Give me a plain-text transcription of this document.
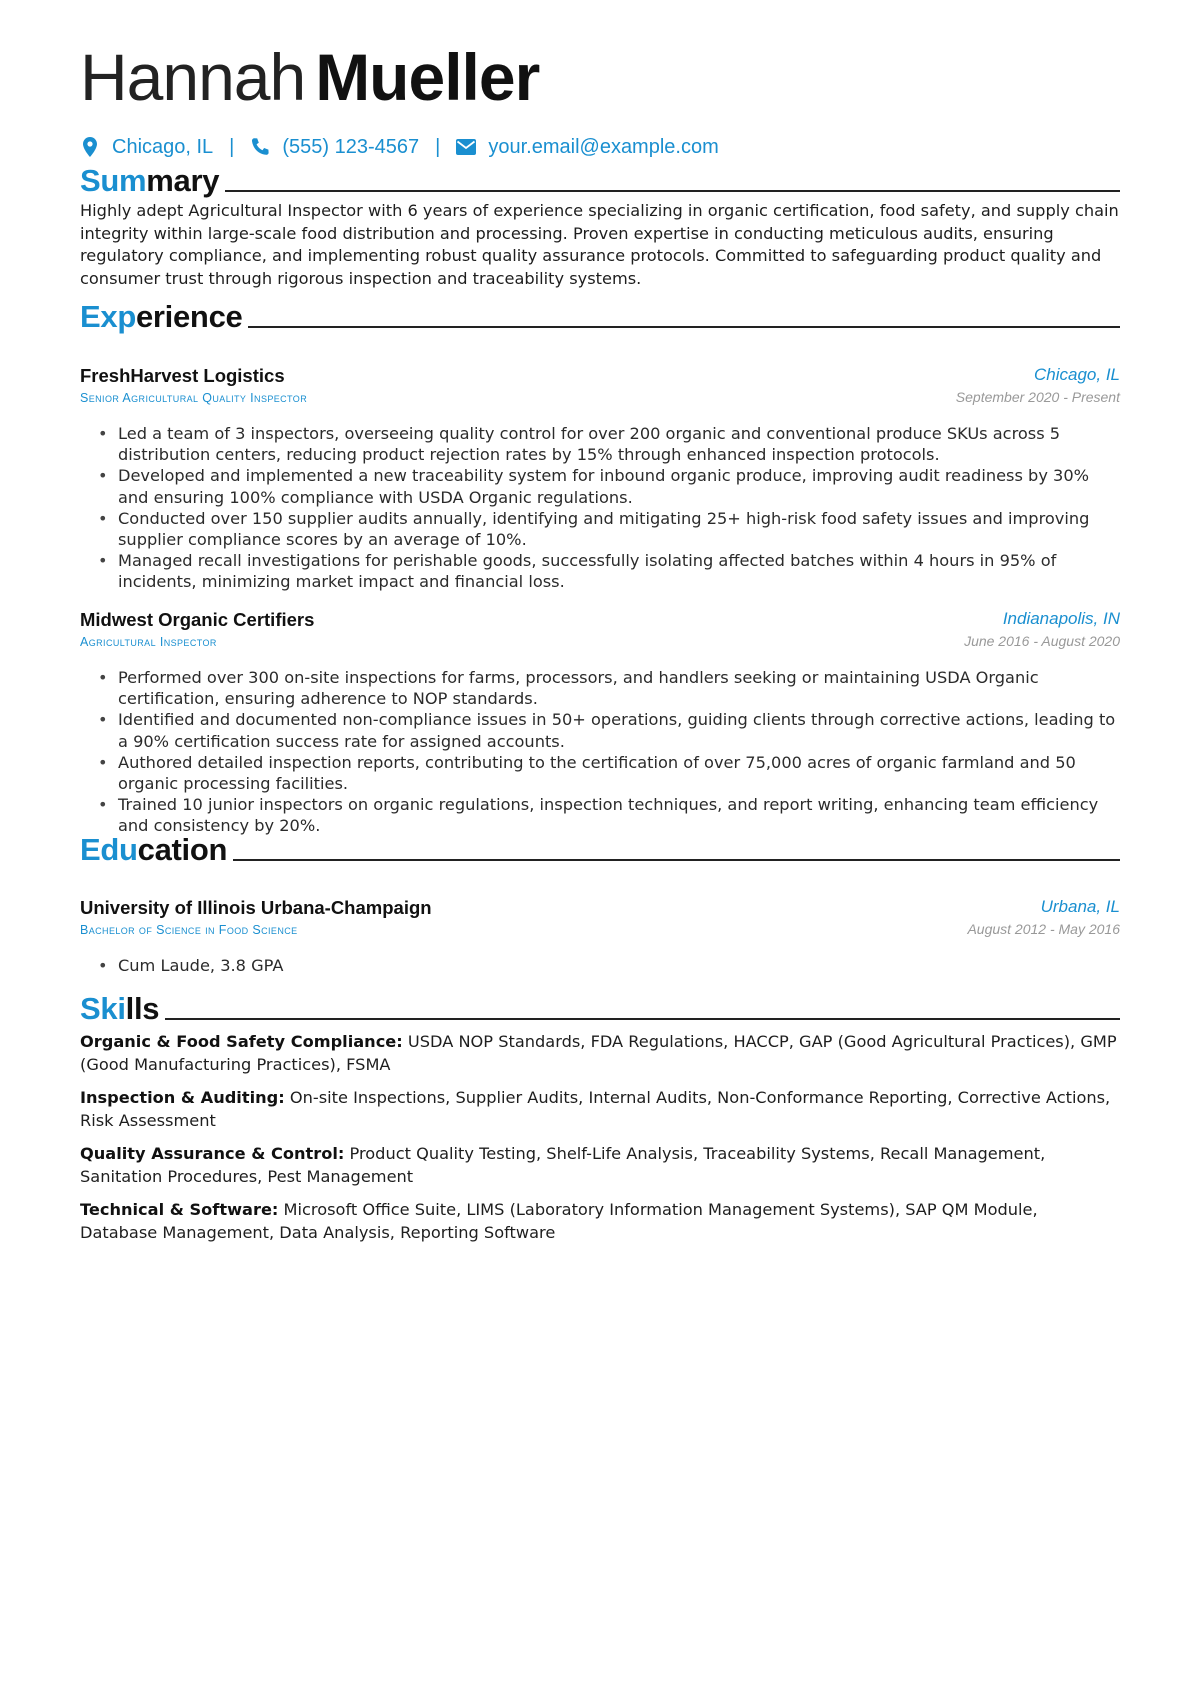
Hannah Mueller
Chicago, IL | (555) 123-4567 | your.email@example.com
Summary
Highly adept Agricultural Inspector with 6 years of experience specializing in organic certification, food safety, and supply chain integrity within large-scale food distribution and processing. Proven expertise in conducting meticulous audits, ensuring regulatory compliance, and implementing robust quality assurance protocols. Committed to safeguarding product quality and consumer trust through rigorous inspection and traceability systems.
Experience
FreshHarvest Logistics	Chicago, IL
Senior Agricultural Quality Inspector	September 2020 - Present
• Led a team of 3 inspectors, overseeing quality control for over 200 organic and conventional produce SKUs across 5 distribution centers, reducing product rejection rates by 15% through enhanced inspection protocols.
• Developed and implemented a new traceability system for inbound organic produce, improving audit readiness by 30% and ensuring 100% compliance with USDA Organic regulations.
• Conducted over 150 supplier audits annually, identifying and mitigating 25+ high-risk food safety issues and improving supplier compliance scores by an average of 10%.
• Managed recall investigations for perishable goods, successfully isolating affected batches within 4 hours in 95% of incidents, minimizing market impact and financial loss.
Midwest Organic Certifiers	Indianapolis, IN
Agricultural Inspector	June 2016 - August 2020
• Performed over 300 on-site inspections for farms, processors, and handlers seeking or maintaining USDA Organic certification, ensuring adherence to NOP standards.
• Identified and documented non-compliance issues in 50+ operations, guiding clients through corrective actions, leading to a 90% certification success rate for assigned accounts.
• Authored detailed inspection reports, contributing to the certification of over 75,000 acres of organic farmland and 50 organic processing facilities.
• Trained 10 junior inspectors on organic regulations, inspection techniques, and report writing, enhancing team efficiency and consistency by 20%.
Education
University of Illinois Urbana-Champaign	Urbana, IL
Bachelor of Science in Food Science	August 2012 - May 2016
• Cum Laude, 3.8 GPA
Skills
Organic & Food Safety Compliance: USDA NOP Standards, FDA Regulations, HACCP, GAP (Good Agricultural Practices), GMP (Good Manufacturing Practices), FSMA
Inspection & Auditing: On-site Inspections, Supplier Audits, Internal Audits, Non-Conformance Reporting, Corrective Actions, Risk Assessment
Quality Assurance & Control: Product Quality Testing, Shelf-Life Analysis, Traceability Systems, Recall Management, Sanitation Procedures, Pest Management
Technical & Software: Microsoft Office Suite, LIMS (Laboratory Information Management Systems), SAP QM Module, Database Management, Data Analysis, Reporting Software
